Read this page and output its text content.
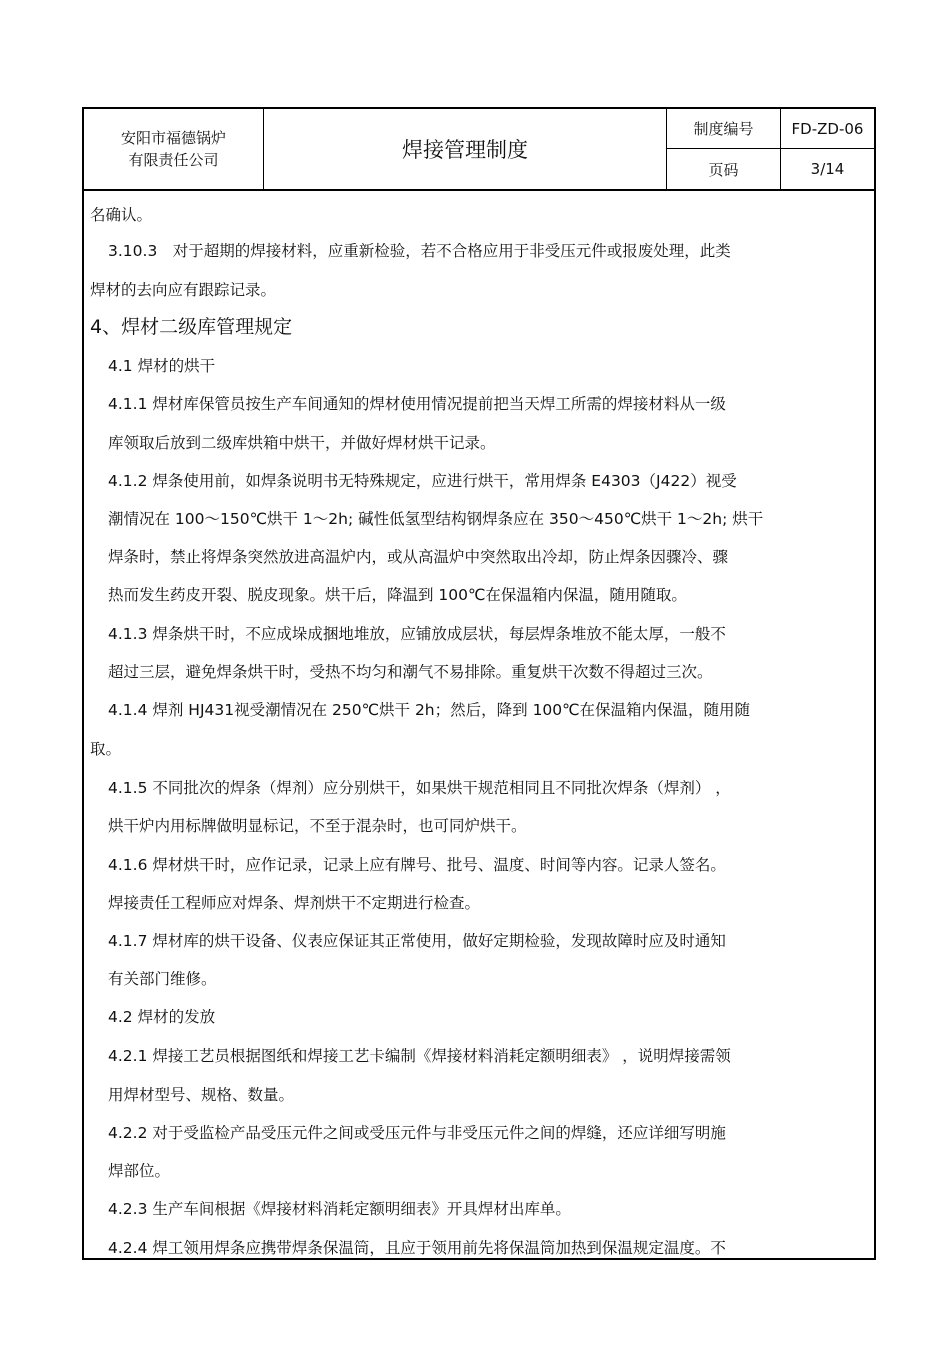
安阳市福德锅炉
有限责任公司	焊接管理制度
制度编号	FD-ZD-06
页码	3/14
名确认。
3.10.3　对于超期的焊接材料，应重新检验，若不合格应用于非受压元件或报废处理，此类
焊材的去向应有跟踪记录。
4、焊材二级库管理规定
4.1 焊材的烘干
4.1.1 焊材库保管员按生产车间通知的焊材使用情况提前把当天焊工所需的焊接材料从一级
库领取后放到二级库烘箱中烘干，并做好焊材烘干记录。
4.1.2 焊条使用前，如焊条说明书无特殊规定，应进行烘干，常用焊条 E4303（J422）视受
潮情况在 100～150℃烘干 1～2h; 碱性低氢型结构钢焊条应在 350～450℃烘干 1～2h; 烘干
焊条时，禁止将焊条突然放进高温炉内，或从高温炉中突然取出冷却，防止焊条因骤冷、骤
热而发生药皮开裂、脱皮现象。烘干后，降温到 100℃在保温箱内保温，随用随取。
4.1.3 焊条烘干时，不应成垛成捆地堆放，应铺放成层状，每层焊条堆放不能太厚，一般不
超过三层，避免焊条烘干时，受热不均匀和潮气不易排除。重复烘干次数不得超过三次。
4.1.4 焊剂 HJ431视受潮情况在 250℃烘干 2h；然后，降到 100℃在保温箱内保温，随用随
取。
4.1.5 不同批次的焊条（焊剂）应分别烘干，如果烘干规范相同且不同批次焊条（焊剂） ，
烘干炉内用标牌做明显标记，不至于混杂时，也可同炉烘干。
4.1.6 焊材烘干时，应作记录，记录上应有牌号、批号、温度、时间等内容。记录人签名。
焊接责任工程师应对焊条、焊剂烘干不定期进行检查。
4.1.7 焊材库的烘干设备、仪表应保证其正常使用，做好定期检验，发现故障时应及时通知
有关部门维修。
4.2 焊材的发放
4.2.1 焊接工艺员根据图纸和焊接工艺卡编制《焊接材料消耗定额明细表》 ，说明焊接需领
用焊材型号、规格、数量。
4.2.2 对于受监检产品受压元件之间或受压元件与非受压元件之间的焊缝，还应详细写明施
焊部位。
4.2.3 生产车间根据《焊接材料消耗定额明细表》开具焊材出库单。
4.2.4 焊工领用焊条应携带焊条保温筒，且应于领用前先将保温筒加热到保温规定温度。不
